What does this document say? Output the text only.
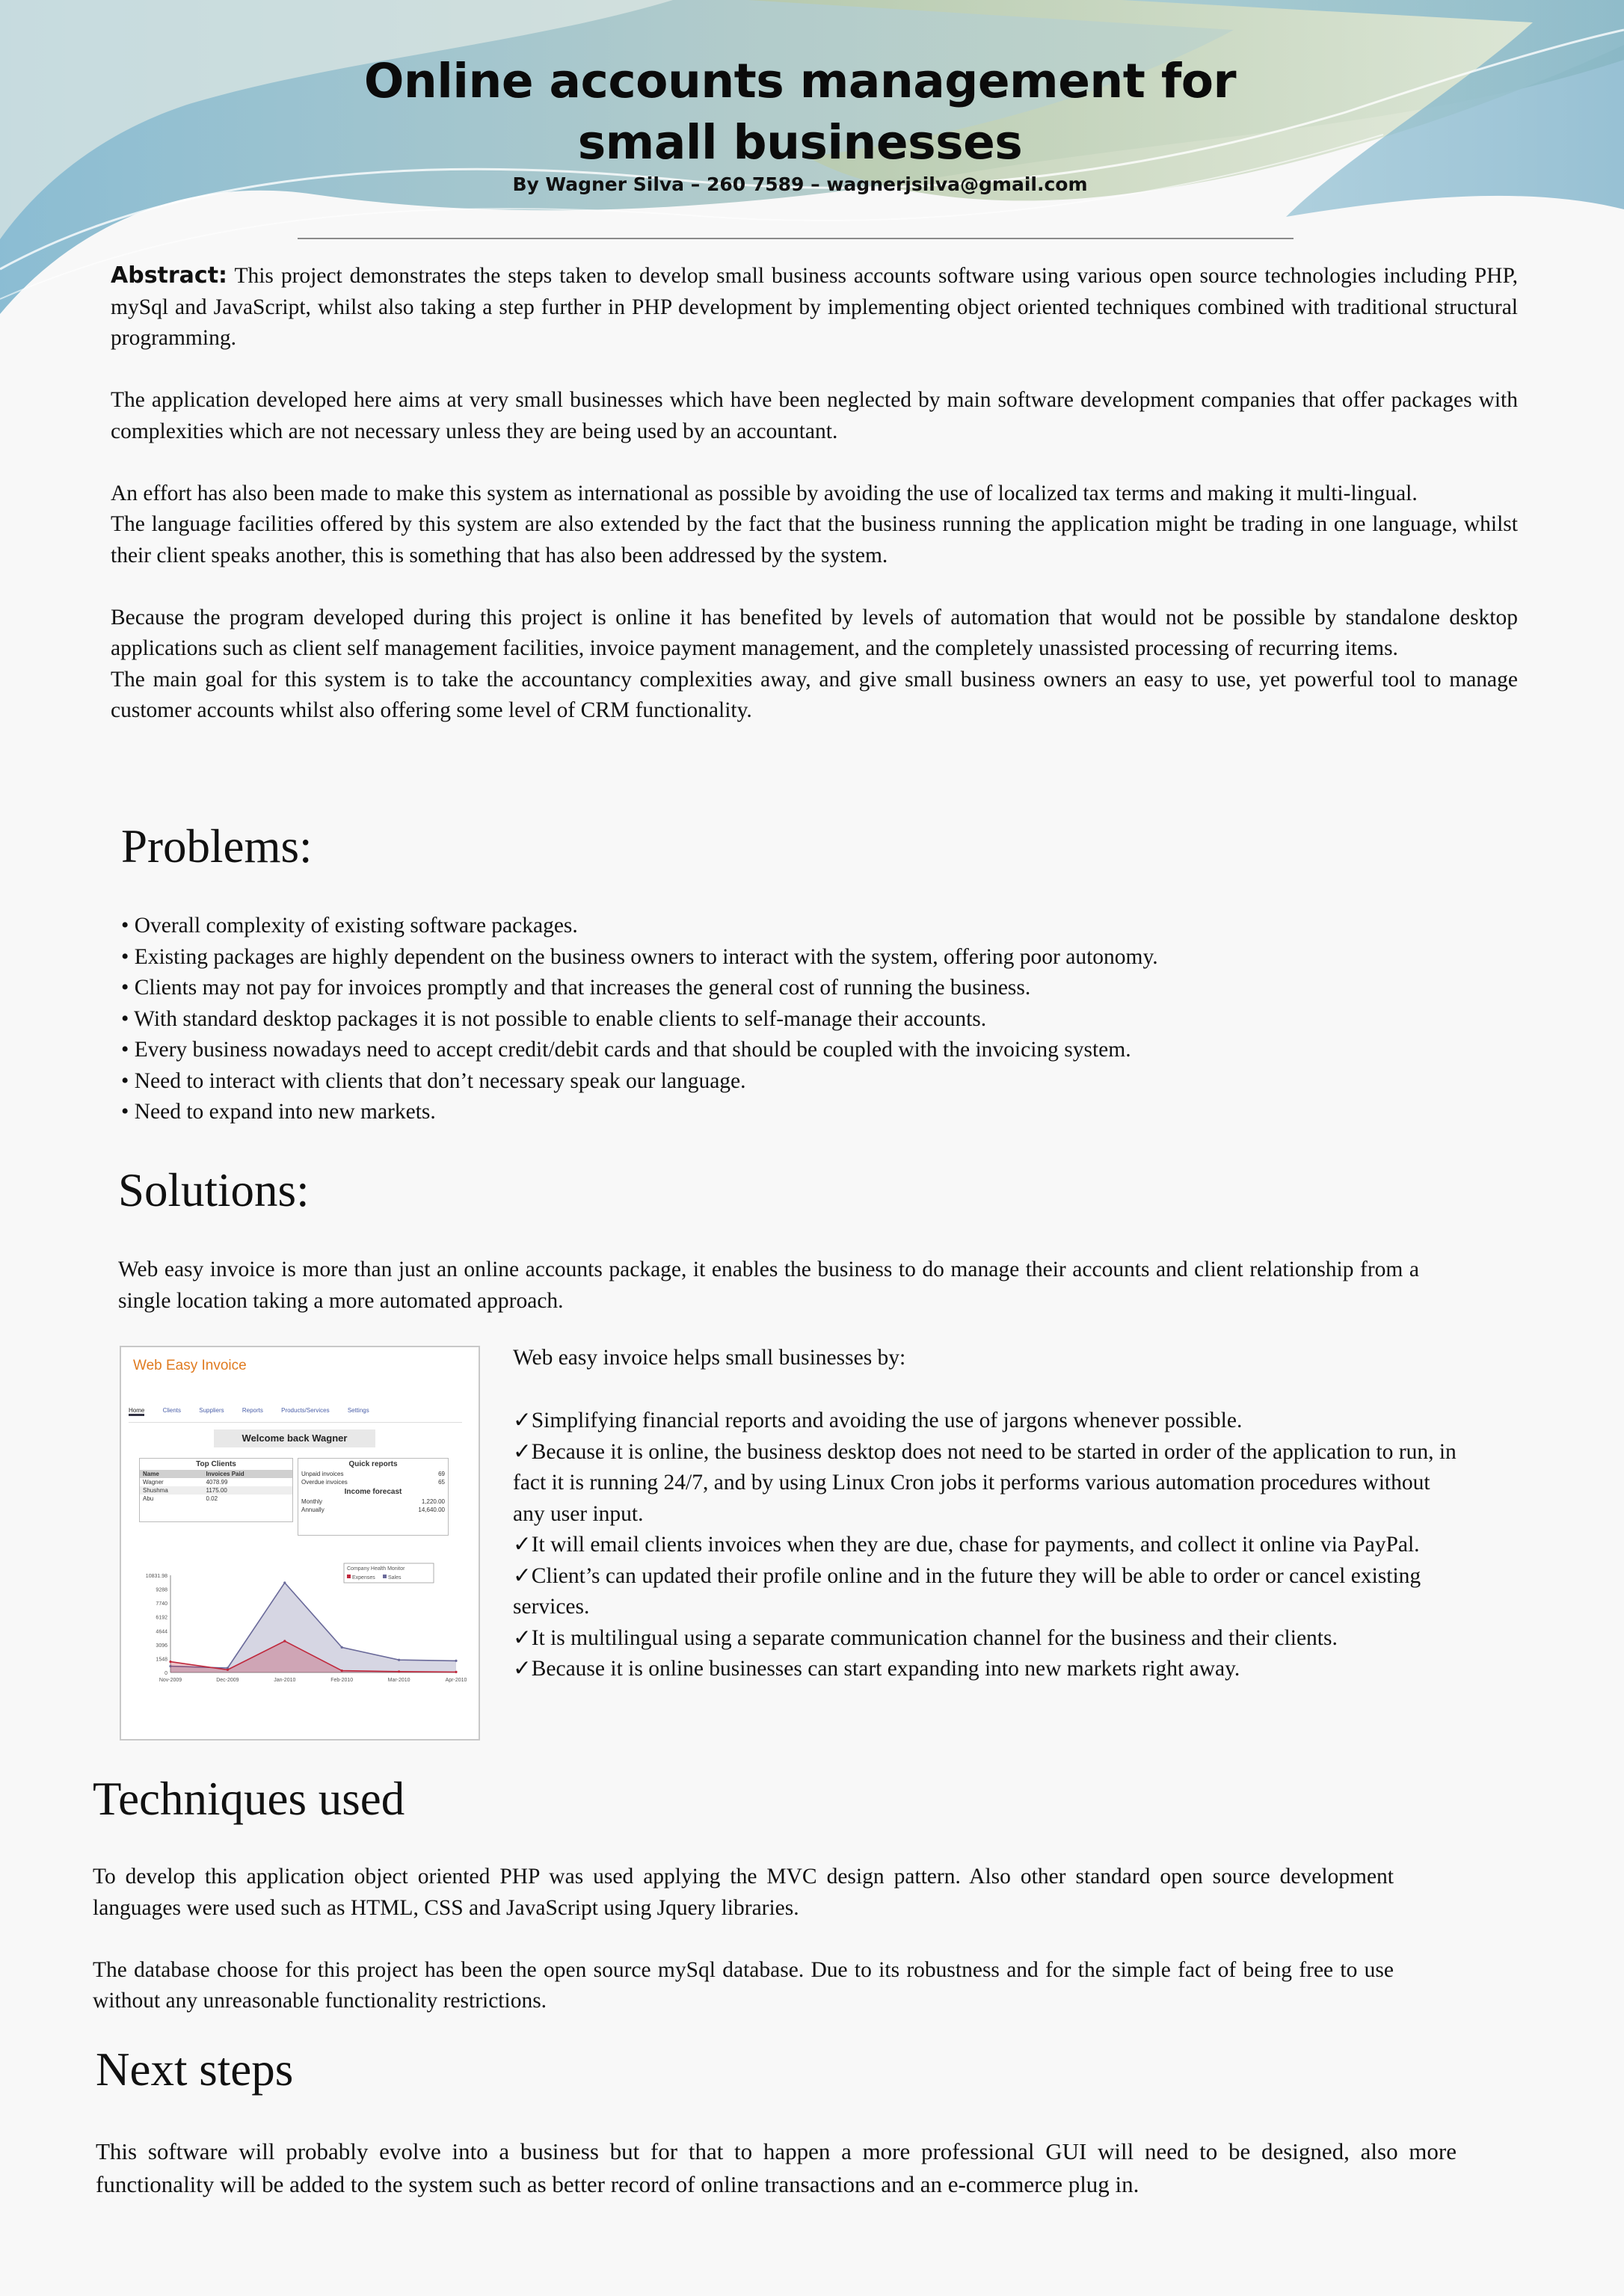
Online accounts management for
small businesses
By Wagner Silva – 260 7589 – wagnerjsilva@gmail.com

Abstract: This project demonstrates the steps taken to develop small business accounts software using various open source technologies including PHP, mySql and JavaScript, whilst also taking a step further in PHP development by implementing object oriented techniques combined with traditional structural programming.

The application developed here aims at very small businesses which have been neglected by main software development companies that offer packages with complexities which are not necessary unless they are being used by an accountant.

An effort has also been made to make this system as international as possible by avoiding the use of localized tax terms and making it multi-lingual.

The language facilities offered by this system are also extended by the fact that the business running the application might be trading in one language, whilst their client speaks another, this is something that has also been addressed by the system.

Because the program developed during this project is online it has benefited by levels of automation that would not be possible by standalone desktop applications such as client self management facilities, invoice payment management, and the completely unassisted processing of recurring items.

The main goal for this system is to take the accountancy complexities away, and give small business owners an easy to use, yet powerful tool to manage customer accounts whilst also offering some level of CRM functionality.

Problems:
• Overall complexity of existing software packages.
• Existing packages are highly dependent on the business owners to interact with the system, offering poor autonomy.
• Clients may not pay for invoices promptly and that increases the general cost of running the business.
• With standard desktop packages it is not possible to enable clients to self-manage their accounts.
• Every business nowadays need to accept credit/debit cards and that should be coupled with the invoicing system.
• Need to interact with clients that don’t necessary speak our language.
• Need to expand into new markets.
Solutions:
Web easy invoice is more than just an online accounts package, it enables the business to do manage their accounts and client relationship from a single location taking a more automated approach.
Web Easy Invoice
Home	Clients	Suppliers	Reports	Products/Services	Settings
Welcome back Wagner
Top Clients
Name	Invoices Paid
Wagner	4078.99
Shushma	1175.00
Abu	0.02
Quick reports
Unpaid invoices	69
Overdue invoices	65
Income forecast
Monthly	1,220.00
Annually	14,640.00
10831.98
9288
7740
6192
4644
3096
1548
0
Nov-2009	Dec-2009	Jan-2010	Feb-2010	Mar-2010	Apr-2010
Company Health Monitor
Expenses Sales
Web easy invoice helps small businesses by:
✓Simplifying financial reports and avoiding the use of jargons whenever possible.
✓Because it is online, the business desktop does not need to be started in order of the application to run, in fact it is running 24/7, and by using Linux Cron jobs it performs various automation procedures without any user input.
✓It will email clients invoices when they are due, chase for payments, and collect it online via PayPal.
✓Client’s can updated their profile online and in the future they will be able to order or cancel existing services.
✓It is multilingual using a separate communication channel for the business and their clients.
✓Because it is online businesses can start expanding into new markets right away.
Techniques used

To develop this application object oriented PHP was used applying the MVC design pattern. Also other standard open source development languages were used such as HTML, CSS and JavaScript using Jquery libraries.

The database choose for this project has been the open source mySql database. Due to its robustness and for the simple fact of being free to use without any unreasonable functionality restrictions.

Next steps
This software will probably evolve into a business but for that to happen a more professional GUI will need to be designed, also more functionality will be added to the system such as better record of online transactions and an e-commerce plug in.
